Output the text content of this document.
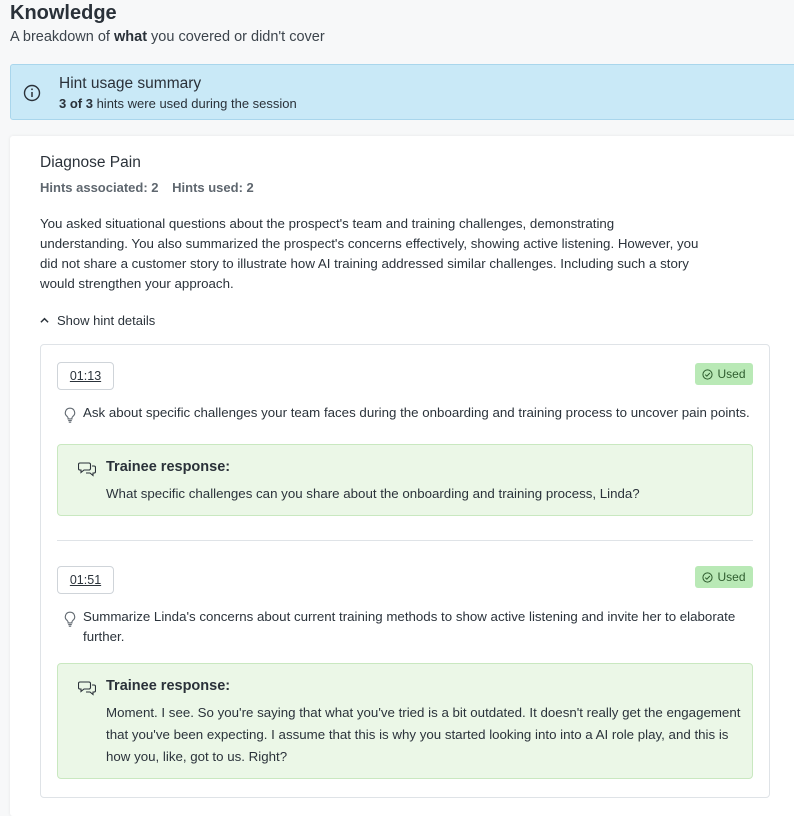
Knowledge
A breakdown of what you covered or didn't cover
Hint usage summary
3 of 3 hints were used during the session
Diagnose Pain
Hints associated: 2 Hints used: 2
You asked situational questions about the prospect's team and training challenges, demonstrating understanding. You also summarized the prospect's concerns effectively, showing active listening. However, you did not share a customer story to illustrate how AI training addressed similar challenges. Including such a story would strengthen your approach.
Show hint details
01:13	Used
Ask about specific challenges your team faces during the onboarding and training process to uncover pain points.
Trainee response:
What specific challenges can you share about the onboarding and training process, Linda?
01:51	Used
Summarize Linda's concerns about current training methods to show active listening and invite her to elaborate further.
Trainee response:
Moment. I see. So you're saying that what you've tried is a bit outdated. It doesn't really get the engagement that you've been expecting. I assume that this is why you started looking into into a AI role play, and this is how you, like, got to us. Right?
